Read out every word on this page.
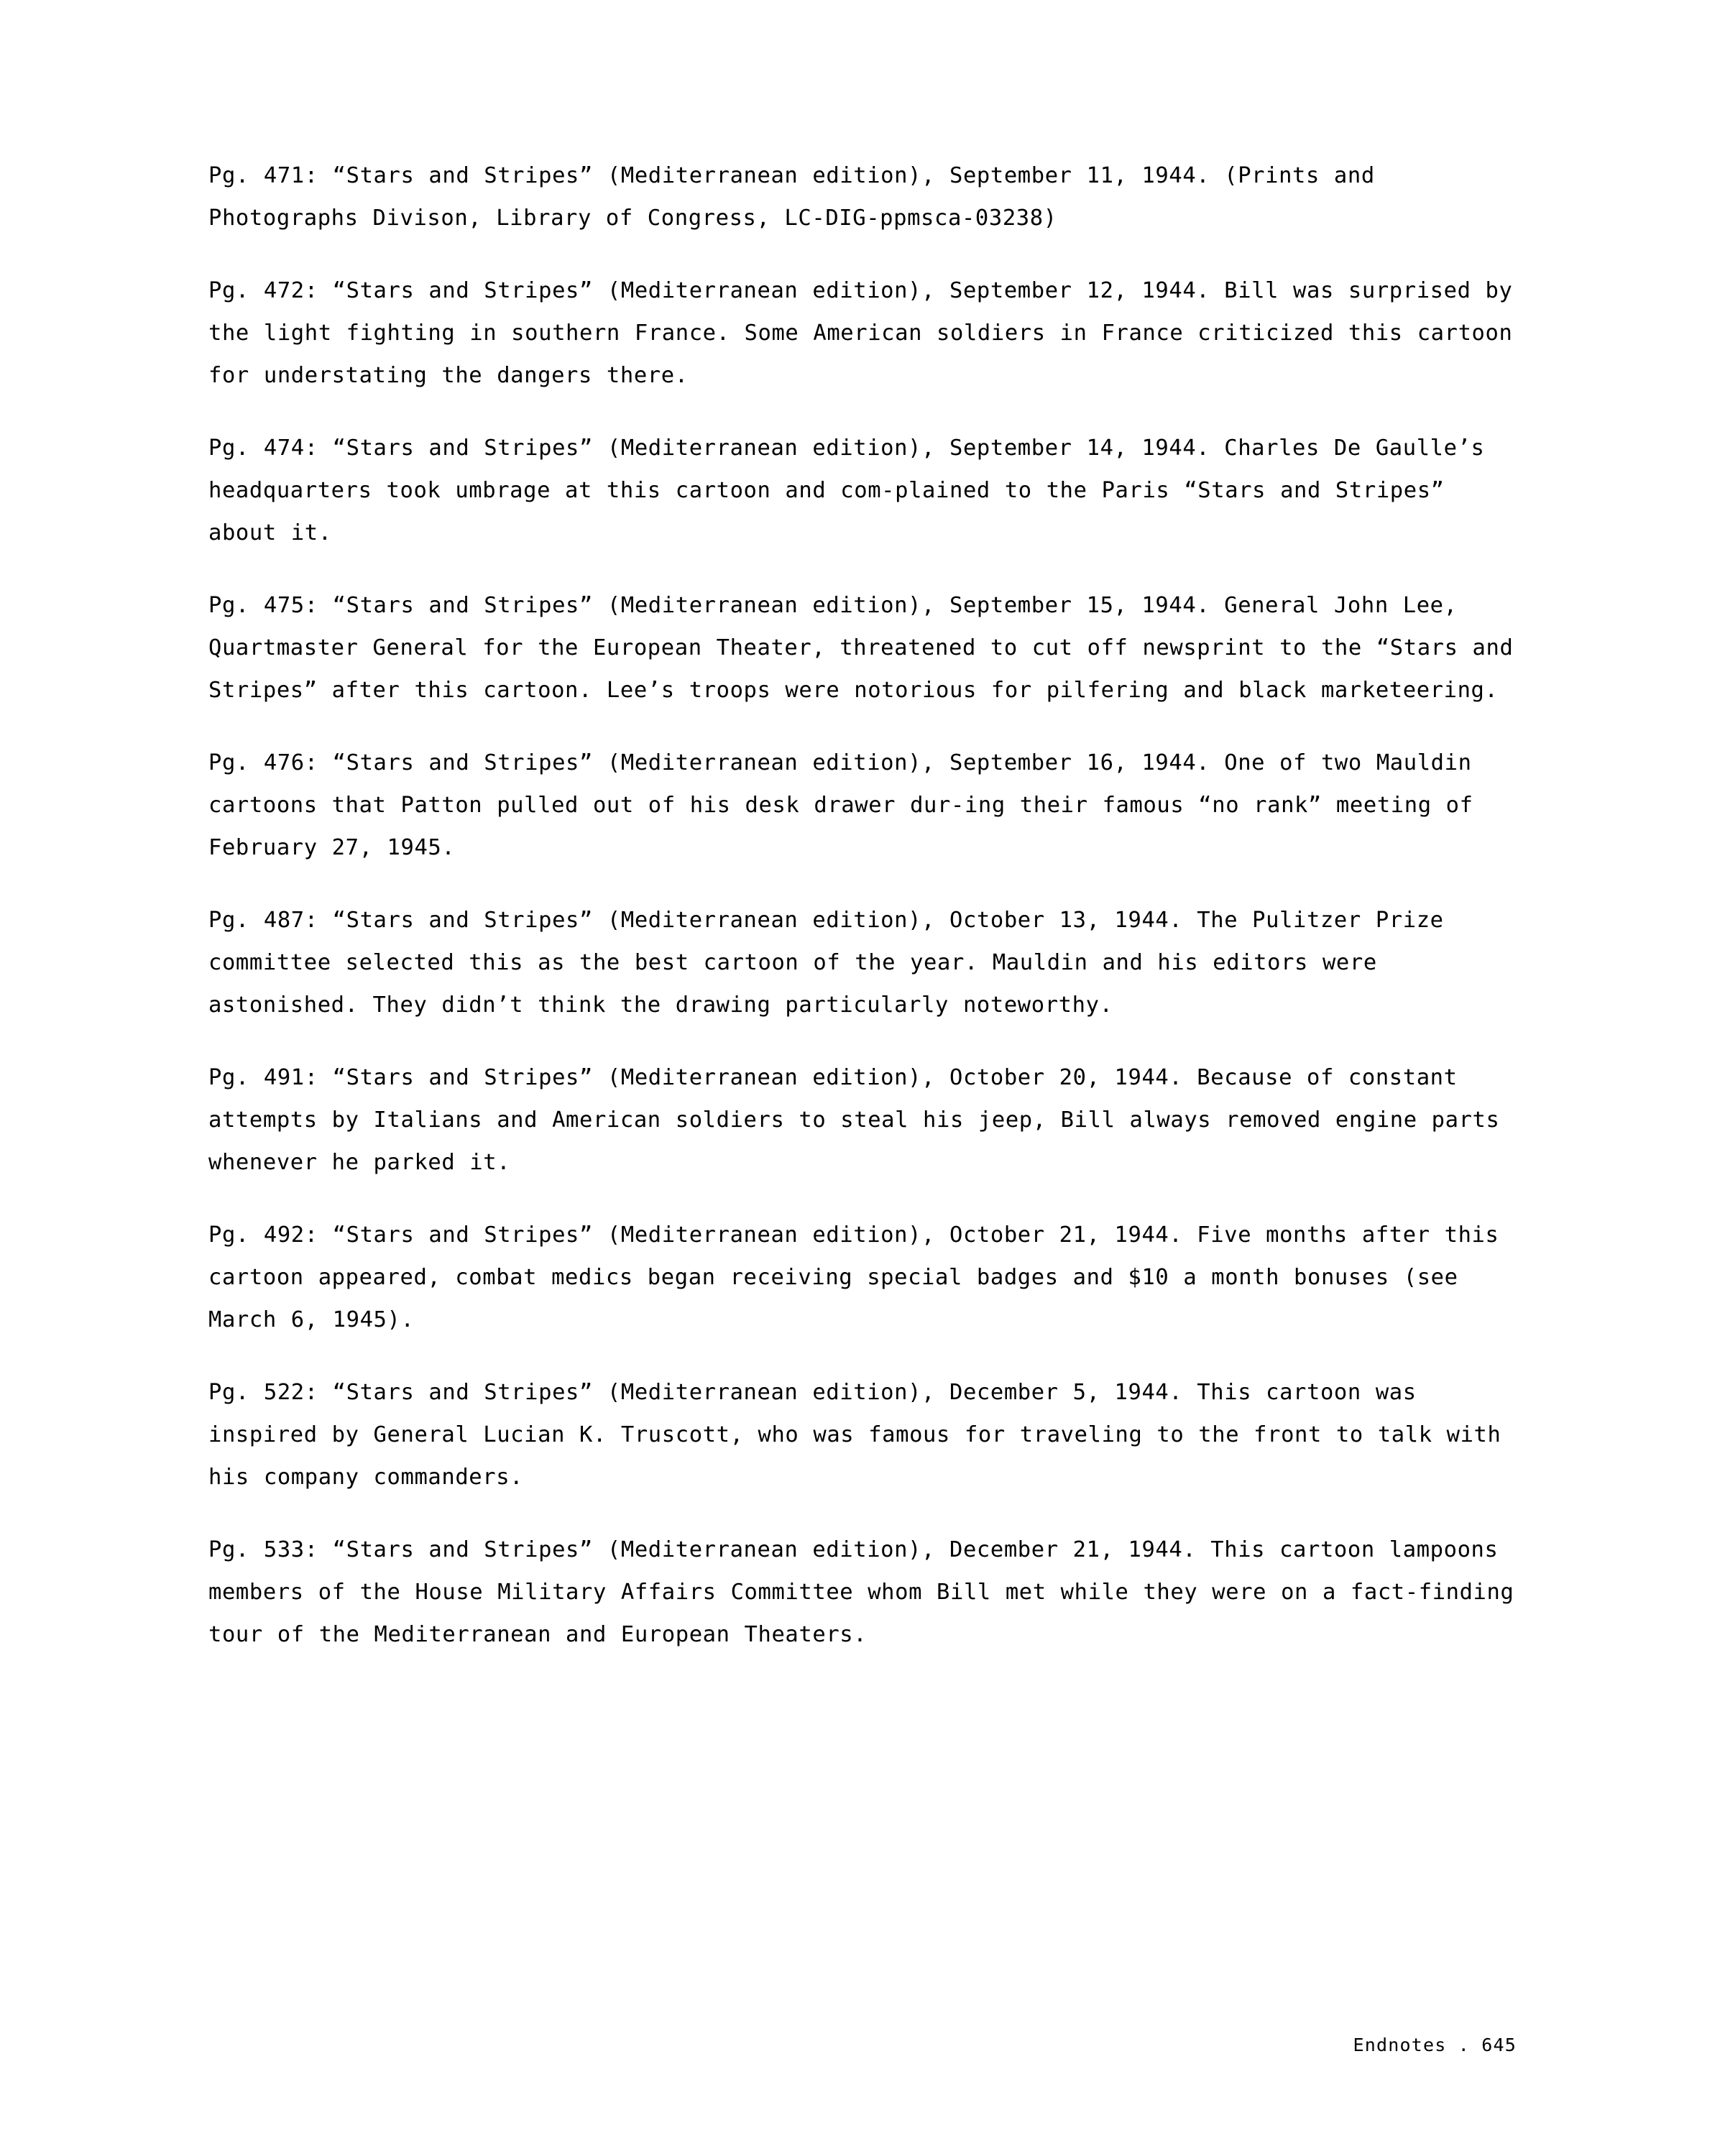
Pg. 471: “Stars and Stripes” (Mediterranean edition), September 11, 1944. (Prints and Photographs Divison, Library of Congress, LC-DIG-ppmsca-03238)

Pg. 472: “Stars and Stripes” (Mediterranean edition), September 12, 1944. Bill was surprised by the light fighting in southern France. Some American soldiers in France criticized this cartoon for understating the dangers there.

Pg. 474: “Stars and Stripes” (Mediterranean edition), September 14, 1944. Charles De Gaulle’s headquarters took umbrage at this cartoon and com-plained to the Paris “Stars and Stripes” about it.

Pg. 475: “Stars and Stripes” (Mediterranean edition), September 15, 1944. General John Lee, Quartmaster General for the European Theater, threatened to cut off newsprint to the “Stars and Stripes” after this cartoon. Lee’s troops were notorious for pilfering and black marketeering.

Pg. 476: “Stars and Stripes” (Mediterranean edition), September 16, 1944. One of two Mauldin cartoons that Patton pulled out of his desk drawer dur-ing their famous “no rank” meeting of February 27, 1945.

Pg. 487: “Stars and Stripes” (Mediterranean edition), October 13, 1944. The Pulitzer Prize committee selected this as the best cartoon of the year. Mauldin and his editors were astonished. They didn’t think the drawing particularly noteworthy.

Pg. 491: “Stars and Stripes” (Mediterranean edition), October 20, 1944. Because of constant attempts by Italians and American soldiers to steal his jeep, Bill always removed engine parts whenever he parked it.

Pg. 492: “Stars and Stripes” (Mediterranean edition), October 21, 1944. Five months after this cartoon appeared, combat medics began receiving special badges and $10 a month bonuses (see March 6, 1945).

Pg. 522: “Stars and Stripes” (Mediterranean edition), December 5, 1944. This cartoon was inspired by General Lucian K. Truscott, who was famous for traveling to the front to talk with his company commanders.

Pg. 533: “Stars and Stripes” (Mediterranean edition), December 21, 1944. This cartoon lampoons members of the House Military Affairs Committee whom Bill met while they were on a fact-finding tour of the Mediterranean and European Theaters.

Endnotes . 645
